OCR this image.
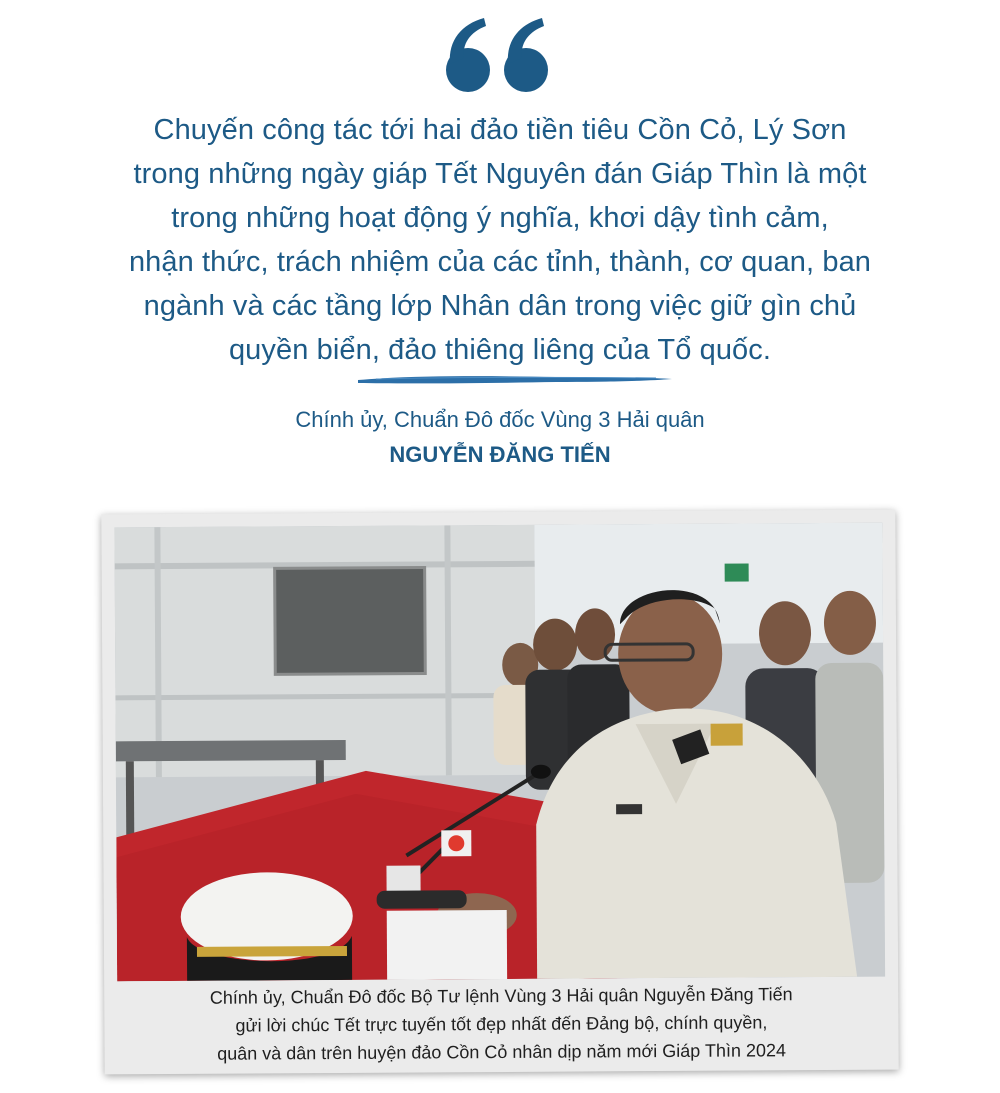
Chuyến công tác tới hai đảo tiền tiêu Cồn Cỏ, Lý Sơn
trong những ngày giáp Tết Nguyên đán Giáp Thìn là một
trong những hoạt động ý nghĩa, khơi dậy tình cảm,
nhận thức, trách nhiệm của các tỉnh, thành, cơ quan, ban
ngành và các tầng lớp Nhân dân trong việc giữ gìn chủ
quyền biển, đảo thiêng liêng của Tổ quốc.
Chính ủy, Chuẩn Đô đốc Vùng 3 Hải quân
NGUYỄN ĐĂNG TIẾN
Chính ủy, Chuẩn Đô đốc Bộ Tư lệnh Vùng 3 Hải quân Nguyễn Đăng Tiến
gửi lời chúc Tết trực tuyến tốt đẹp nhất đến Đảng bộ, chính quyền,
quân và dân trên huyện đảo Cồn Cỏ nhân dịp năm mới Giáp Thìn 2024
